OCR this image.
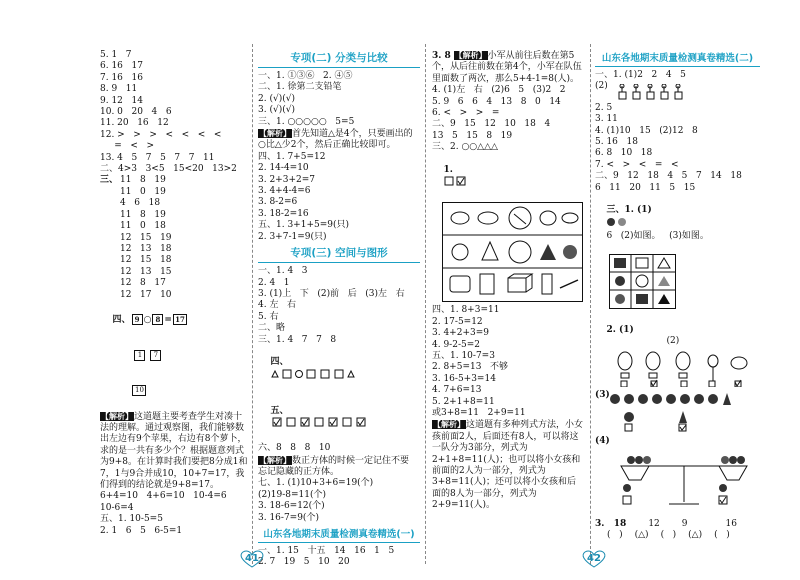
5. 1   7
6. 16   17
7. 16   16
8. 9   11
9. 12   14
10. 0   20   4   6
11. 20   16   12
12. >   >   >   <   <   <   <
=   <   >
13. 4   5   7   5   7   7   11
二、4>3   3<5   15<20   13>2
三、 11   8   19
11   0   19
4   6   18
11   8   19
11   0   18
12   15   19
12   13   18
12   15   18
12   13   15
12   8   17
12   17   10

四、 9 ○ 8 = 17

1 7

10

【解析】这道题主要考查学生对凑十法的理解。通过观察图，我们能够数出左边有9个苹果，右边有8个萝卜，求的是一共有多少个？根据题意列式为9+8。在计算时我们要把8分成1和7，1与9合并成10，10+7=17，我们得到的结论就是9+8=17。
6+4=10   4+6=10   10-4=6
10-6=4
五、1. 10-5=5
2. 1   6   5   6-5=1
专项(二) 分类与比较
一、1. ①③⑥   2. ④⑤
二、1. 徐第二支铅笔
2. (√)(√)
3. (√)(√)
三、1. ○○○○○   5=5
【解析】首先知道△是4个，只要画出的○比△少2个，然后正确比较即可。
四、1. 7+5=12
2. 14-4=10
3. 2+3+2=7
3. 4+4-4=6
3. 8-2=6
3. 18-2=16
五、1. 3+1+5=9(只)
2. 3+7-1=9(只)
专项(三) 空间与图形
一、1. 4   3
2. 4   1
3. (1)上   下   (2)前   后   (3)左   右
4. 左   右
5. 右
二、略
三、1. 4   7   7   8

四、

五、

六、8   8   8   10
【解析】数正方体的时候一定记住不要忘记隐藏的正方体。
七、1. (1)10+3+6=19(个)
(2)19-8=11(个)
3. 18-6=12(个)
3. 16-7=9(个)
山东各地期末质量检测真卷精选(一)
一、1. 15   十五   14   16   1   5
2. 7   19   5   10   20
3. 8 【解析】小军从前往后数在第5个，从后往前数在第4个，小军在队伍里面数了两次，那么5+4-1=8(人)。
4. (1)左   右   (2)6   5   (3)2   2
5. 9   6   6   4   13   8   0   14
6. <   >   >   =
二、9   15   12   10   18   4
13   5   15   8   19
三、2. ○○△△△

1.

四、1. 8+3=11
2. 17-5=12
3. 4+2+3=9
4. 9-2-5=2
五、1. 10-7=3
2. 8+5=13   不够
3. 16-5+3=14
4. 7+6=13
5. 2+1+8=11
或3+8=11   2+9=11
【解析】这道题有多种列式方法，小女孩前面2人，后面还有8人，可以将这一队分为3部分，列式为2+1+8=11(人)；也可以将小女孩和前面的2人为一部分，列式为3+8=11(人)；还可以将小女孩和后面的8人为一部分，列式为2+9=11(人)。
山东各地期末质量检测真卷精选(二)
一、1. (1)2   2   4   5
(2)
2. 5
3. 11
4. (1)10   15   (2)12   8
5. 16   18
6. 8   10   18
7. <   >   <   =   <
二、9   12   18   4   5   7   14   18
6   11   20   11   5   15

三、1. (1)

6   (2)如图。   (3)如图。

2. (1)
(2)

(3)
(4)
3.   18 12 9	16
(   ) (△) (   ) (△) (   )
41	42
